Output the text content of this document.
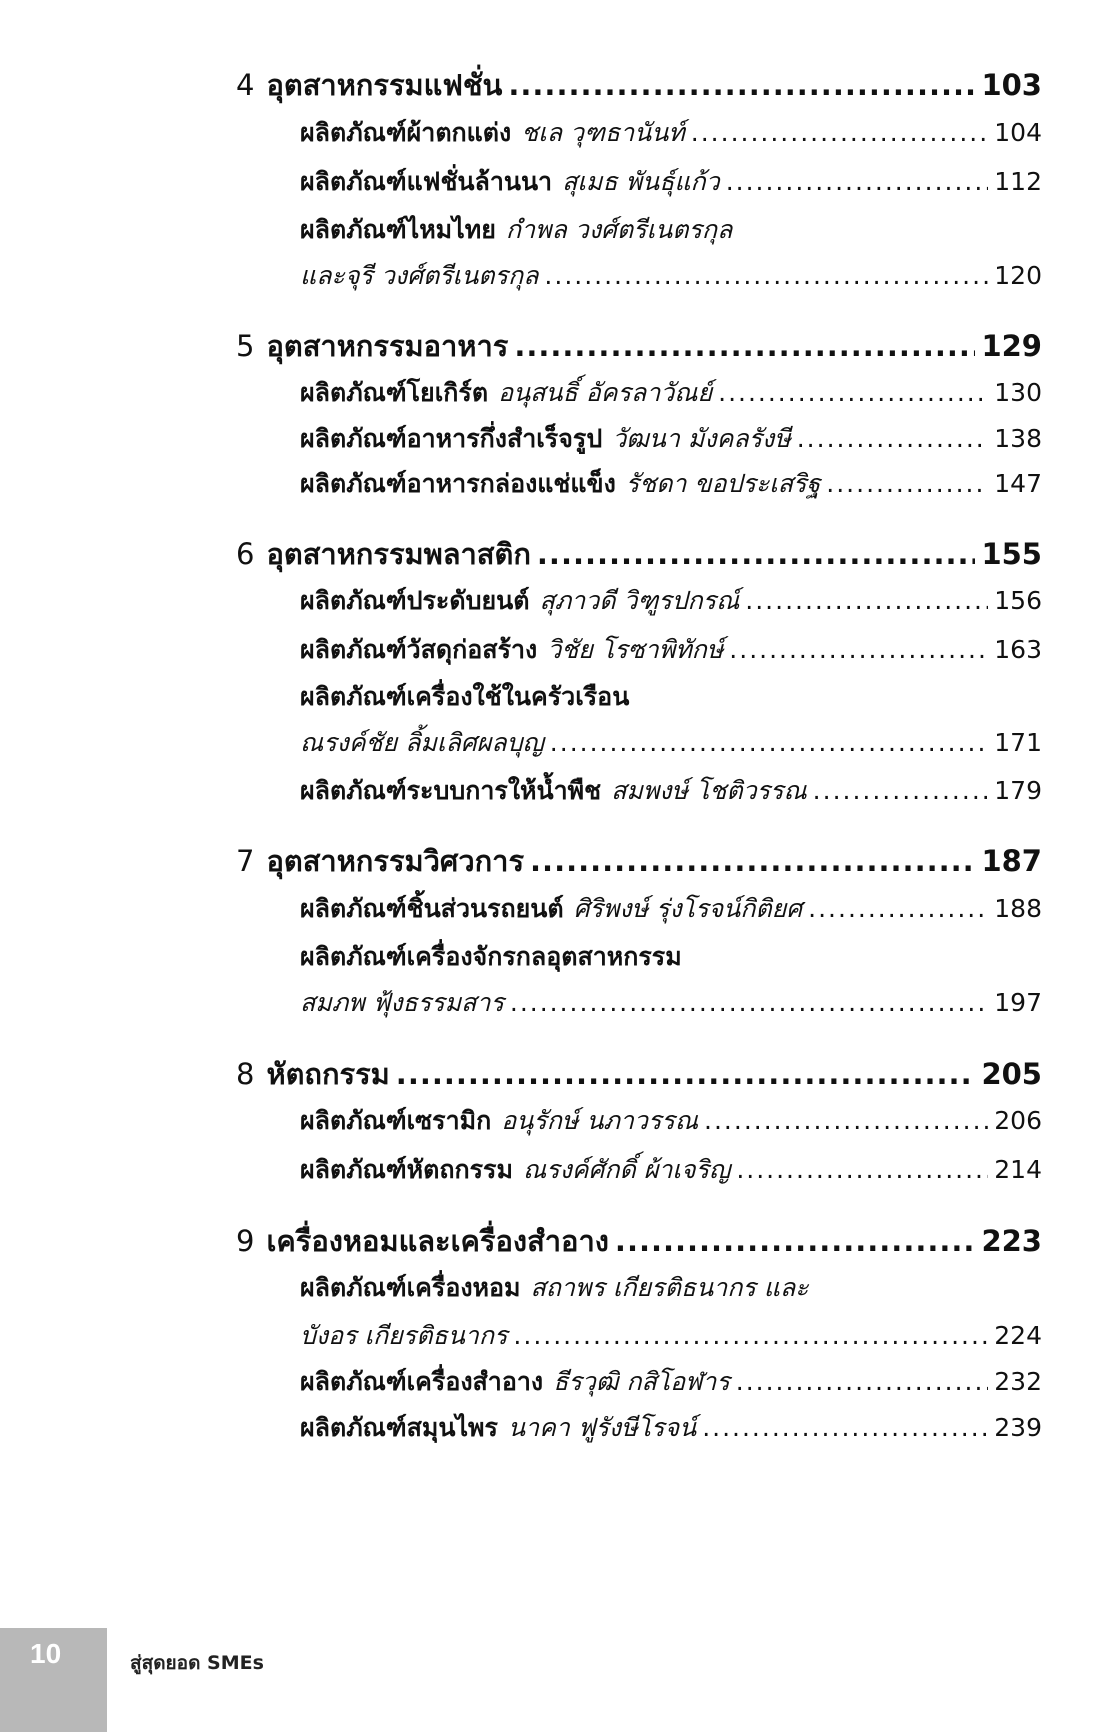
4 อุตสาหกรรมแฟชั่น .....	103
ผลิตภัณฑ์ผ้าตกแต่ง ชเล วุฑธานันท์ .....	104
ผลิตภัณฑ์แฟชั่นล้านนา สุเมธ พันธุ์แก้ว .....	112
ผลิตภัณฑ์ไหมไทย กำพล วงศ์ตรีเนตรกุล
และจุรี วงศ์ตรีเนตรกุล .....	120
5 อุตสาหกรรมอาหาร .....	129
ผลิตภัณฑ์โยเกิร์ต อนุสนธิ์ อัครลาวัณย์ .....	130
ผลิตภัณฑ์อาหารกึ่งสำเร็จรูป วัฒนา มังคลรังษี .....	138
ผลิตภัณฑ์อาหารกล่องแช่แข็ง รัชดา ขอประเสริฐ .....	147
6 อุตสาหกรรมพลาสติก .....	155
ผลิตภัณฑ์ประดับยนต์ สุภาวดี วิฑูรปกรณ์ .....	156
ผลิตภัณฑ์วัสดุก่อสร้าง วิชัย โรซาพิทักษ์ .....	163
ผลิตภัณฑ์เครื่องใช้ในครัวเรือน
ณรงค์ชัย ลิ้มเลิศผลบุญ .....	171
ผลิตภัณฑ์ระบบการให้น้ำพืช สมพงษ์ โชติวรรณ .....	179
7 อุตสาหกรรมวิศวการ .....	187
ผลิตภัณฑ์ชิ้นส่วนรถยนต์ ศิริพงษ์ รุ่งโรจน์กิติยศ .....	188
ผลิตภัณฑ์เครื่องจักรกลอุตสาหกรรม
สมภพ ฟุ้งธรรมสาร .....	197
8 หัตถกรรม .....	205
ผลิตภัณฑ์เซรามิก อนุรักษ์ นภาวรรณ .....	206
ผลิตภัณฑ์หัตถกรรม ณรงค์ศักดิ์ ผ้าเจริญ .....	214
9 เครื่องหอมและเครื่องสำอาง .....	223
ผลิตภัณฑ์เครื่องหอม สถาพร เกียรติธนากร และ
บังอร เกียรติธนากร .....	224
ผลิตภัณฑ์เครื่องสำอาง ธีรวุฒิ กสิโอฬาร .....	232
ผลิตภัณฑ์สมุนไพร นาคา ฟูรังษีโรจน์ .....	239
10	สู่สุดยอด SMEs
